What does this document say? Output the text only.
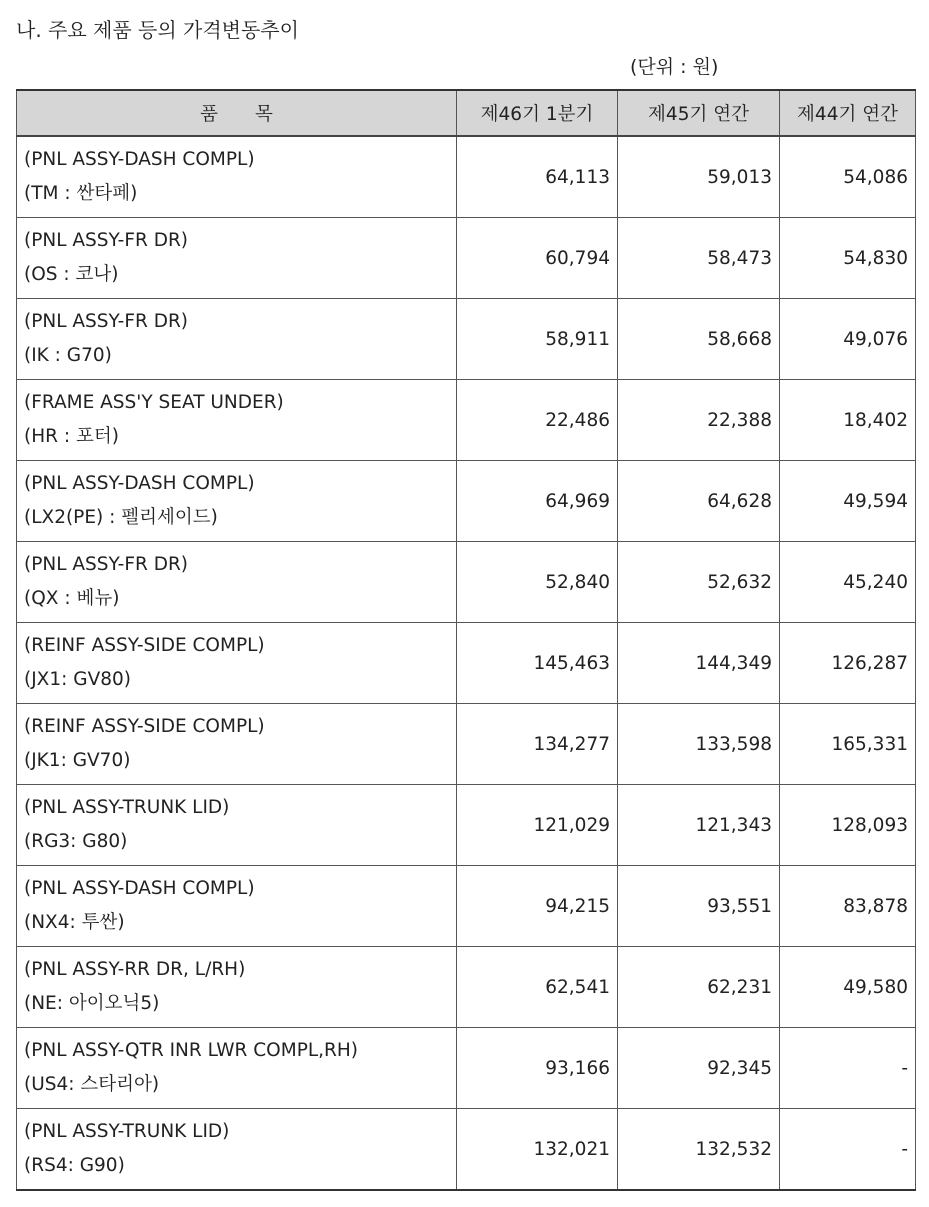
나. 주요 제품 등의 가격변동추이
(단위 : 원)
품　　목	제46기 1분기	제45기 연간	제44기 연간

(PNL ASSY-DASH COMPL)
(TM : 싼타페)	64,113	59,013	54,086

(PNL ASSY-FR DR)
(OS : 코나)	60,794	58,473	54,830

(PNL ASSY-FR DR)
(IK : G70)	58,911	58,668	49,076

(FRAME ASS'Y SEAT UNDER)
(HR : 포터)	22,486	22,388	18,402

(PNL ASSY-DASH COMPL)
(LX2(PE) : 펠리세이드)	64,969	64,628	49,594

(PNL ASSY-FR DR)
(QX : 베뉴)	52,840	52,632	45,240

(REINF ASSY-SIDE COMPL)
(JX1: GV80)	145,463	144,349	126,287

(REINF ASSY-SIDE COMPL)
(JK1: GV70)	134,277	133,598	165,331

(PNL ASSY-TRUNK LID)
(RG3: G80)	121,029	121,343	128,093

(PNL ASSY-DASH COMPL)
(NX4: 투싼)	94,215	93,551	83,878

(PNL ASSY-RR DR, L/RH)
(NE: 아이오닉5)	62,541	62,231	49,580

(PNL ASSY-QTR INR LWR COMPL,RH)
(US4: 스타리아)	93,166	92,345	-

(PNL ASSY-TRUNK LID)
(RS4: G90)	132,021	132,532	-
